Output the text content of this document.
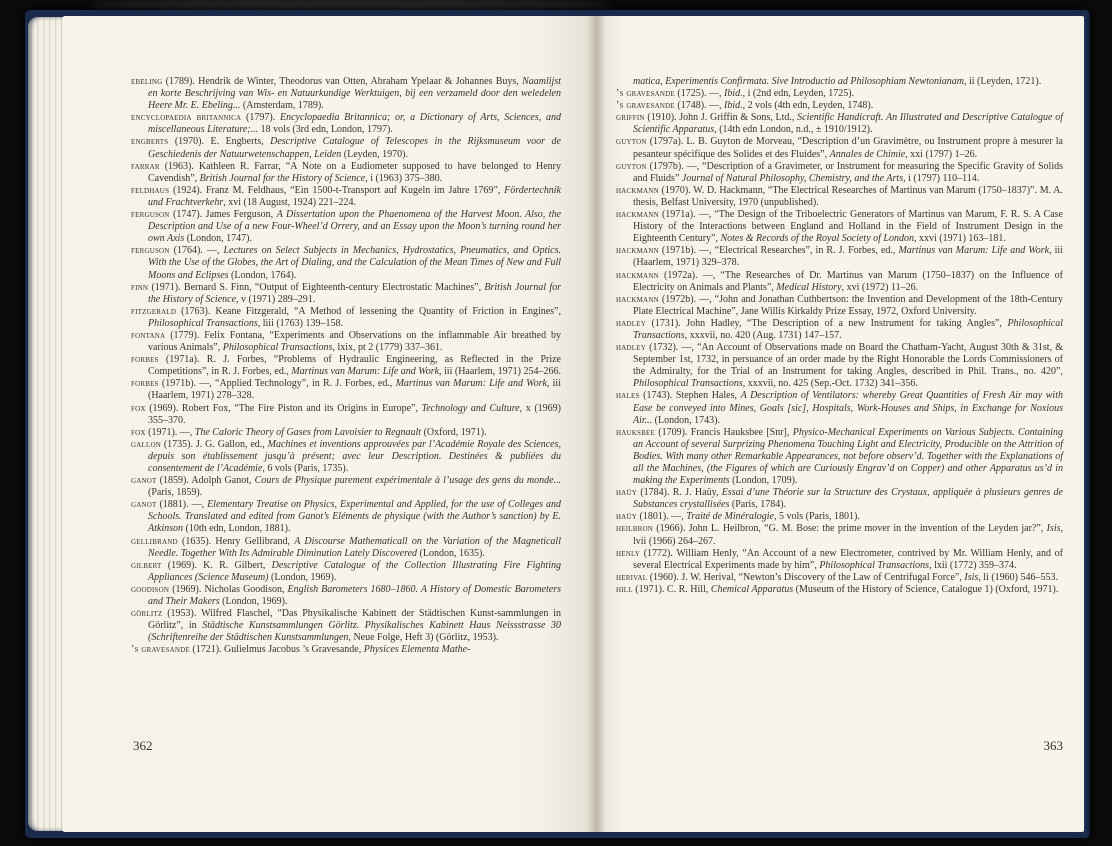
ebeling (1789). Hendrik de Winter, Theodorus van Otten, Abraham Ypelaar & Johannes Buys, Naamlijst en korte Beschrijving van Wis- en Natuurkundige Werktuigen, bij een verzameld door den weledelen Heere Mr. E. Ebeling... (Amsterdam, 1789).

encyclopaedia britannica (1797). Encyclopaedia Britannica; or, a Dictionary of Arts, Sciences, and miscellaneous Literature;... 18 vols (3rd edn, London, 1797).

engberts (1970). E. Engberts, Descriptive Catalogue of Telescopes in the Rijksmuseum voor de Geschiedenis der Natuurwetenschappen, Leiden (Leyden, 1970).

farrar (1963). Kathleen R. Farrar, “A Note on a Eudiometer supposed to have belonged to Henry Cavendish”, British Journal for the History of Science, i (1963) 375–380.

feldhaus (1924). Franz M. Feldhaus, “Ein 1500-t-Transport auf Kugeln im Jahre 1769”, Fördertechnik und Frachtverkehr, xvi (18 August, 1924) 221–224.

ferguson (1747). James Ferguson, A Dissertation upon the Phaenomena of the Harvest Moon. Also, the Description and Use of a new Four-Wheel’d Orrery, and an Essay upon the Moon’s turning round her own Axis (London, 1747).

ferguson (1764). —, Lectures on Select Subjects in Mechanics, Hydrostatics, Pneumatics, and Optics. With the Use of the Globes, the Art of Dialing, and the Calculation of the Mean Times of New and Full Moons and Eclipses (London, 1764).

finn (1971). Bernard S. Finn, “Output of Eighteenth-century Electrostatic Machines”, British Journal for the History of Science, v (1971) 289–291.

fitzgerald (1763). Keane Fitzgerald, “A Method of lessening the Quantity of Friction in Engines”, Philosophical Transactions, liii (1763) 139–158.

fontana (1779). Felix Fontana, “Experiments and Observations on the inflammable Air breathed by various Animals”, Philosophical Transactions, lxix, pt 2 (1779) 337–361.

forbes (1971a). R. J. Forbes, “Problems of Hydraulic Engineering, as Reflected in the Prize Competitions”, in R. J. Forbes, ed., Martinus van Marum: Life and Work, iii (Haarlem, 1971) 254–266.

forbes (1971b). —, “Applied Technology”, in R. J. Forbes, ed., Martinus van Marum: Life and Work, iii (Haarlem, 1971) 278–328.

fox (1969). Robert Fox, “The Fire Piston and its Origins in Europe”, Technology and Culture, x (1969) 355–370.

fox (1971). —, The Caloric Theory of Gases from Lavoisier to Regnault (Oxford, 1971).

gallon (1735). J. G. Gallon, ed., Machines et inventions approuvées par l’Académie Royale des Sciences, depuis son établissement jusqu’à présent; avec leur Description. Destinées & publiées du consentement de l’Académie, 6 vols (Paris, 1735).

ganot (1859). Adolph Ganot, Cours de Physique purement expérimentale à l’usage des gens du monde... (Paris, 1859).

ganot (1881). —, Elementary Treatise on Physics, Experimental and Applied, for the use of Colleges and Schools. Translated and edited from Ganot’s Eléments de physique (with the Author’s sanction) by E. Atkinson (10th edn, London, 1881).

gellibrand (1635). Henry Gellibrand, A Discourse Mathematicall on the Variation of the Magneticall Needle. Together With Its Admirable Diminution Lately Discovered (London, 1635).

gilbert (1969). K. R. Gilbert, Descriptive Catalogue of the Collection Illustrating Fire Fighting Appliances (Science Museum) (London, 1969).

goodison (1969). Nicholas Goodison, English Barometers 1680–1860. A History of Domestic Barometers and Their Makers (London, 1969).

görlitz (1953). Wilfred Flaschel, “Das Physikalische Kabinett der Städtischen Kunst-sammlungen in Görlitz”, in Städtische Kunstsammlungen Görlitz. Physikalisches Kabinett Haus Neissstrasse 30 (Schriftenreihe der Städtischen Kunstsammlungen, Neue Folge, Heft 3) (Görlitz, 1953).

’s gravesande (1721). Gulielmus Jacobus ’s Gravesande, Physices Elementa Mathe-

362

matica, Experimentis Confirmata. Sive Introductio ad Philosophiam Newtonianam, ii (Leyden, 1721).

’s gravesande (1725). —, Ibid., i (2nd edn, Leyden, 1725).

’s gravesande (1748). —, Ibid., 2 vols (4th edn, Leyden, 1748).

griffin (1910). John J. Griffin & Sons, Ltd., Scientific Handicraft. An Illustrated and Descriptive Catalogue of Scientific Apparatus, (14th edn London, n.d., ± 1910/1912).

guyton (1797a). L. B. Guyton de Morveau, “Description d’un Gravimètre, ou Instrument propre à mesurer la pesanteur spécifique des Solides et des Fluides”, Annales de Chimie, xxi (1797) 1–26.

guyton (1797b). —, “Description of a Gravimeter, or Instrument for measuring the Specific Gravity of Solids and Fluids” Journal of Natural Philosophy, Chemistry, and the Arts, i (1797) 110–114.

hackmann (1970). W. D. Hackmann, “The Electrical Researches of Martinus van Marum (1750–1837)”. M. A. thesis, Belfast University, 1970 (unpublished).

hackmann (1971a). —, “The Design of the Triboelectric Generators of Martinus van Marum, F. R. S. A Case History of the Interactions between England and Holland in the Field of Instrument Design in the Eighteenth Century”, Notes & Records of the Royal Society of London, xxvi (1971) 163–181.

hackmann (1971b). —, “Electrical Researches”, in R. J. Forbes, ed., Martinus van Marum: Life and Work, iii (Haarlem, 1971) 329–378.

hackmann (1972a). —, “The Researches of Dr. Martinus van Marum (1750–1837) on the Influence of Electricity on Animals and Plants”, Medical History, xvi (1972) 11–26.

hackmann (1972b). —, “John and Jonathan Cuthbertson: the Invention and Development of the 18th-Century Plate Electrical Machine”, Jane Willis Kirkaldy Prize Essay, 1972, Oxford University.

hadley (1731). John Hadley, “The Description of a new Instrument for taking Angles”, Philosophical Transactions, xxxvii, no. 420 (Aug. 1731) 147–157.

hadley (1732). —, “An Account of Observations made on Board the Chatham-Yacht, August 30th & 31st, & September 1st, 1732, in persuance of an order made by the Right Honorable the Lords Commissioners of the Admiralty, for the Trial of an Instrument for taking Angles, described in Phil. Trans., no. 420”, Philosophical Transactions, xxxvii, no. 425 (Sep.-Oct. 1732) 341–356.

hales (1743). Stephen Hales, A Description of Ventilators: whereby Great Quantities of Fresh Air may with Ease be conveyed into Mines, Goals [sic], Hospitals, Work-Houses and Ships, in Exchange for Noxious Air... (London, 1743).

hauksbee (1709). Francis Hauksbee [Snr], Physico-Mechanical Experiments on Various Subjects. Containing an Account of several Surprizing Phenomena Touching Light and Electricity, Producible on the Attrition of Bodies. With many other Remarkable Appearances, not before observ’d. Together with the Explanations of all the Machines, (the Figures of which are Curiously Engrav’d on Copper) and other Apparatus us’d in making the Experiments (London, 1709).

haüy (1784). R. J. Haüy, Essai d’une Théorie sur la Structure des Crystaux, appliquée à plusieurs genres de Substances crystallisées (Paris, 1784).

haüy (1801). —, Traité de Minéralogie, 5 vols (Paris, 1801).

heilbron (1966). John L. Heilbron, “G. M. Bose: the prime mover in the invention of the Leyden jar?”, Isis, lvii (1966) 264–267.

henly (1772). William Henly, “An Account of a new Electrometer, contrived by Mr. William Henly, and of several Electrical Experiments made by him”, Philosophical Transactions, lxii (1772) 359–374.

herival (1960). J. W. Herival, “Newton’s Discovery of the Law of Centrifugal Force”, Isis, li (1960) 546–553.

hill (1971). C. R. Hill, Chemical Apparatus (Museum of the History of Science, Catalogue 1) (Oxford, 1971).

363
